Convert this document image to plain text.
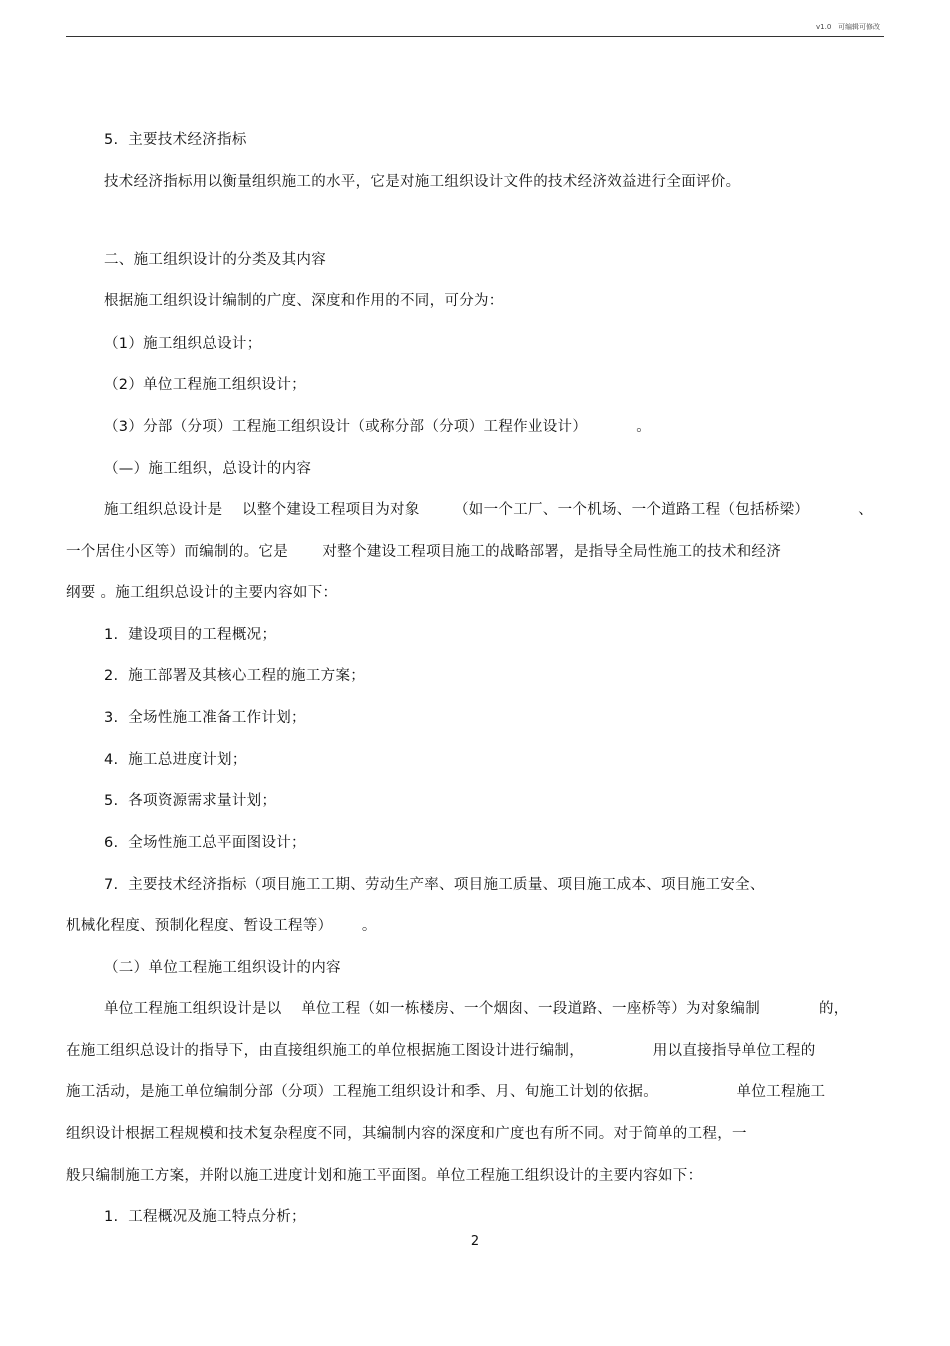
v1.0 可编辑可修改
5.  主要技术经济指标
技术经济指标用以衡量组织施工的水平，它是对施工组织设计文件的技术经济效益进行全面评价。
二、施工组织设计的分类及其内容
根据施工组织设计编制的广度、深度和作用的不同，可分为：
（1）施工组织总设计；
（2）单位工程施工组织设计；
（3）分部（分项）工程施工组织设计（或称分部（分项）工程作业设计）          。
（—）施工组织，总设计的内容
施工组织总设计是    以整个建设工程项目为对象       （如一个工厂、一个机场、一个道路工程（包括桥梁）          、
一个居住小区等）而编制的。它是       对整个建设工程项目施工的战略部署，是指导全局性施工的技术和经济
纲要 。施工组织总设计的主要内容如下：
1.  建设项目的工程概况；
2.  施工部署及其核心工程的施工方案；
3.  全场性施工准备工作计划；
4.  施工总进度计划；
5.  各项资源需求量计划；
6.  全场性施工总平面图设计；
7.  主要技术经济指标（项目施工工期、劳动生产率、项目施工质量、项目施工成本、项目施工安全、
机械化程度、预制化程度、暂设工程等）      。
（二）单位工程施工组织设计的内容
单位工程施工组织设计是以    单位工程（如一栋楼房、一个烟囱、一段道路、一座桥等）为对象编制            的，
在施工组织总设计的指导下，由直接组织施工的单位根据施工图设计进行编制，              用以直接指导单位工程的
施工活动，是施工单位编制分部（分项）工程施工组织设计和季、月、旬施工计划的依据。                单位工程施工
组织设计根据工程规模和技术复杂程度不同，其编制内容的深度和广度也有所不同。对于简单的工程，一
般只编制施工方案，并附以施工进度计划和施工平面图。单位工程施工组织设计的主要内容如下：
1.  工程概况及施工特点分析；
2
